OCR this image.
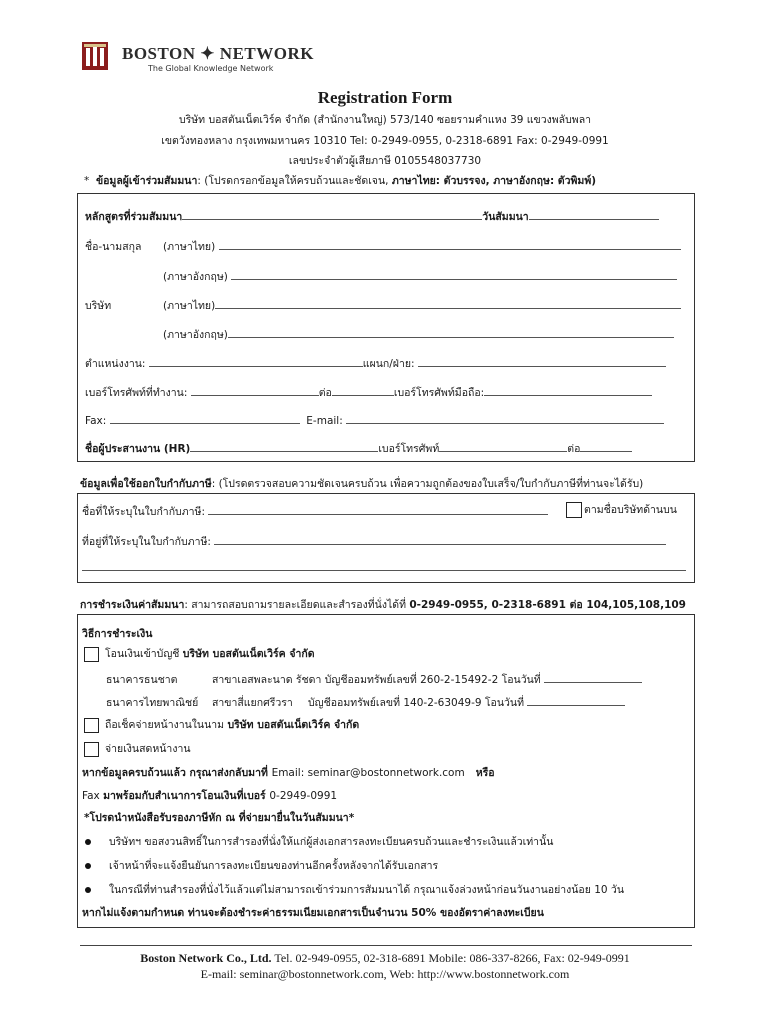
BOSTON ✦ NETWORK
The Global Knowledge Network
Registration Form
บริษัท บอสตันเน็ตเวิร์ค จำกัด (สำนักงานใหญ่) 573/140 ซอยรามคำแหง 39 แขวงพลับพลา
เขตวังทองหลาง กรุงเทพมหานคร 10310 Tel: 0-2949-0955, 0-2318-6891 Fax: 0-2949-0991
เลขประจำตัวผู้เสียภาษี 0105548037730
* ข้อมูลผู้เข้าร่วมสัมมนา: (โปรดกรอกข้อมูลให้ครบถ้วนและชัดเจน, ภาษาไทย: ตัวบรรจง, ภาษาอังกฤษ: ตัวพิมพ์)
หลักสูตรที่ร่วมสัมมนา	วันสัมมนา
ชื่อ-นามสกุล (ภาษาไทย)
(ภาษาอังกฤษ)
บริษัท	(ภาษาไทย)
(ภาษาอังกฤษ)
ตำแหน่งงาน:	แผนก/ฝ่าย:
เบอร์โทรศัพท์ที่ทำงาน:	ต่อ	เบอร์โทรศัพท์มือถือ:
Fax:	E-mail:
ชื่อผู้ประสานงาน (HR)	เบอร์โทรศัพท์	ต่อ
ข้อมูลเพื่อใช้ออกใบกำกับภาษี: (โปรดตรวจสอบความชัดเจนครบถ้วน เพื่อความถูกต้องของใบเสร็จ/ใบกำกับภาษีที่ท่านจะได้รับ)
ชื่อที่ให้ระบุในใบกำกับภาษี:	ตามชื่อบริษัทด้านบน
ที่อยู่ที่ให้ระบุในใบกำกับภาษี:
การชำระเงินค่าสัมมนา: สามารถสอบถามรายละเอียดและสำรองที่นั่งได้ที่ 0-2949-0955, 0-2318-6891 ต่อ 104,105,108,109
วิธีการชำระเงิน
โอนเงินเข้าบัญชี บริษัท บอสตันเน็ตเวิร์ค จำกัด
ธนาคารธนชาต	สาขาเอสพละนาด รัชดา บัญชีออมทรัพย์เลขที่ 260-2-15492-2 โอนวันที่
ธนาคารไทยพาณิชย์ สาขาสี่แยกศรีวรา บัญชีออมทรัพย์เลขที่ 140-2-63049-9 โอนวันที่
ถือเช็คจ่ายหน้างานในนาม บริษัท บอสตันเน็ตเวิร์ค จำกัด
จ่ายเงินสดหน้างาน
หากข้อมูลครบถ้วนแล้ว กรุณาส่งกลับมาที่ Email: seminar@bostonnetwork.com หรือ
Fax มาพร้อมกับสำเนาการโอนเงินที่เบอร์ 0-2949-0991
*โปรดนำหนังสือรับรองภาษีหัก ณ ที่จ่ายมายื่นในวันสัมมนา*
บริษัทฯ ขอสงวนสิทธิ์ในการสำรองที่นั่งให้แก่ผู้ส่งเอกสารลงทะเบียนครบถ้วนและชำระเงินแล้วเท่านั้น
เจ้าหน้าที่จะแจ้งยืนยันการลงทะเบียนของท่านอีกครั้งหลังจากได้รับเอกสาร
ในกรณีที่ท่านสำรองที่นั่งไว้แล้วแต่ไม่สามารถเข้าร่วมการสัมมนาได้ กรุณาแจ้งล่วงหน้าก่อนวันงานอย่างน้อย 10 วัน
หากไม่แจ้งตามกำหนด ท่านจะต้องชำระค่าธรรมเนียมเอกสารเป็นจำนวน 50% ของอัตราค่าลงทะเบียน
Boston Network Co., Ltd. Tel. 02-949-0955, 02-318-6891 Mobile: 086-337-8266, Fax: 02-949-0991
E-mail: seminar@bostonnetwork.com, Web: http://www.bostonnetwork.com
